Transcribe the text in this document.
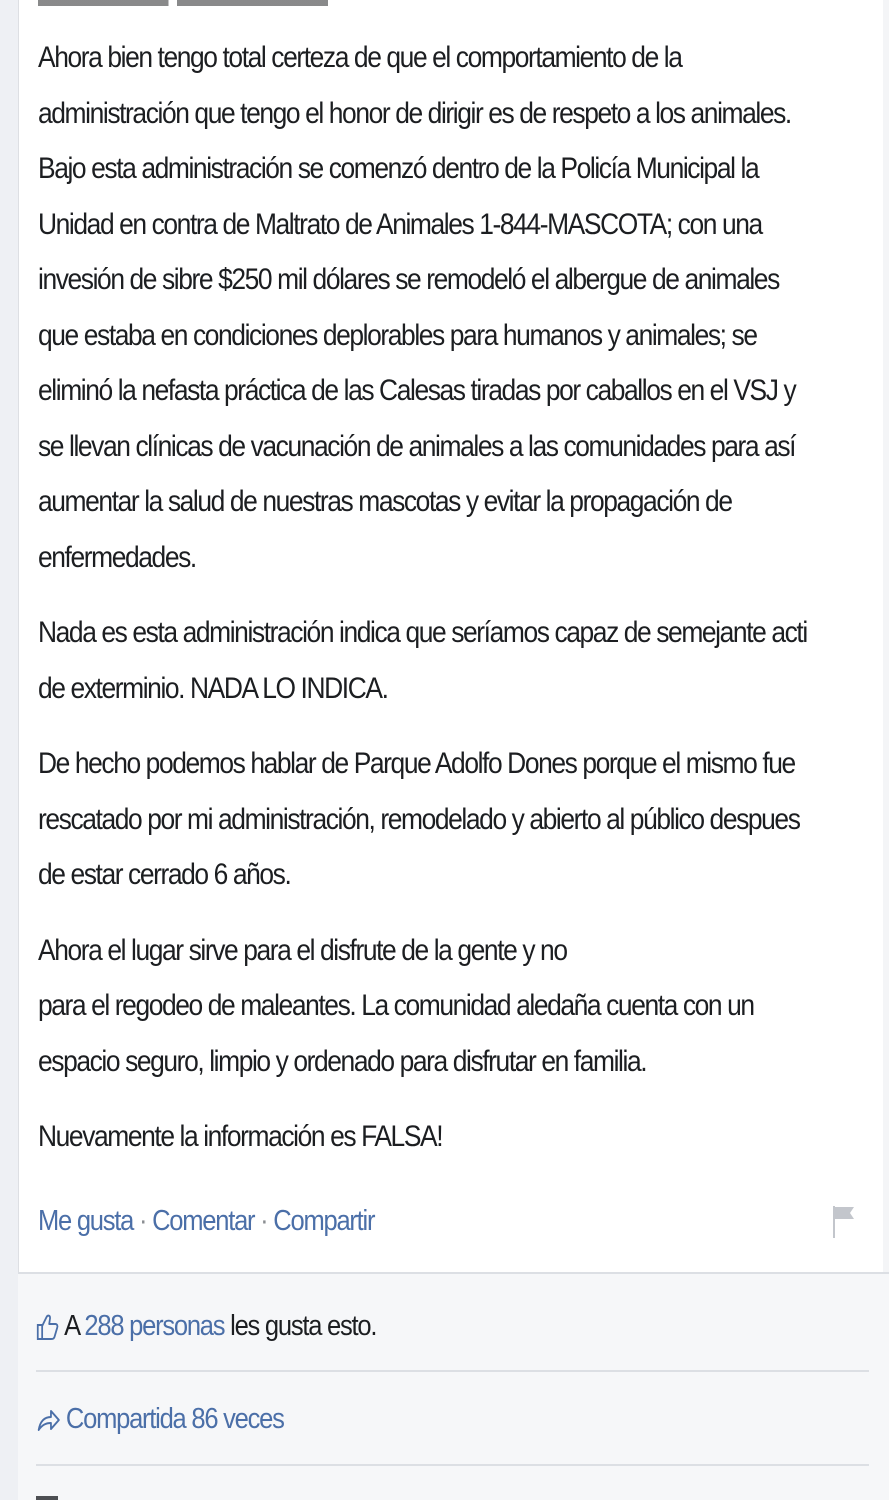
Ahora bien tengo total certeza de que el comportamiento de la
administración que tengo el honor de dirigir es de respeto a los animales.
Bajo esta administración se comenzó dentro de la Policía Municipal la
Unidad en contra de Maltrato de Animales 1-844-MASCOTA; con una
invesión de sibre $250 mil dólares se remodeló el albergue de animales
que estaba en condiciones deplorables para humanos y animales; se
eliminó la nefasta práctica de las Calesas tiradas por caballos en el VSJ y
se llevan clínicas de vacunación de animales a las comunidades para así
aumentar la salud de nuestras mascotas y evitar la propagación de
enfermedades.

Nada es esta administración indica que seríamos capaz de semejante acti
de exterminio. NADA LO INDICA.

De hecho podemos hablar de Parque Adolfo Dones porque el mismo fue
rescatado por mi administración, remodelado y abierto al público despues
de estar cerrado 6 años.

Ahora el lugar sirve para el disfrute de la gente y no
para el regodeo de maleantes. La comunidad aledaña cuenta con un
espacio seguro, limpio y ordenado para disfrutar en familia.

Nuevamente la información es FALSA!

Me gusta · Comentar · Compartir
A 288 personas les gusta esto.
Compartida 86 veces
